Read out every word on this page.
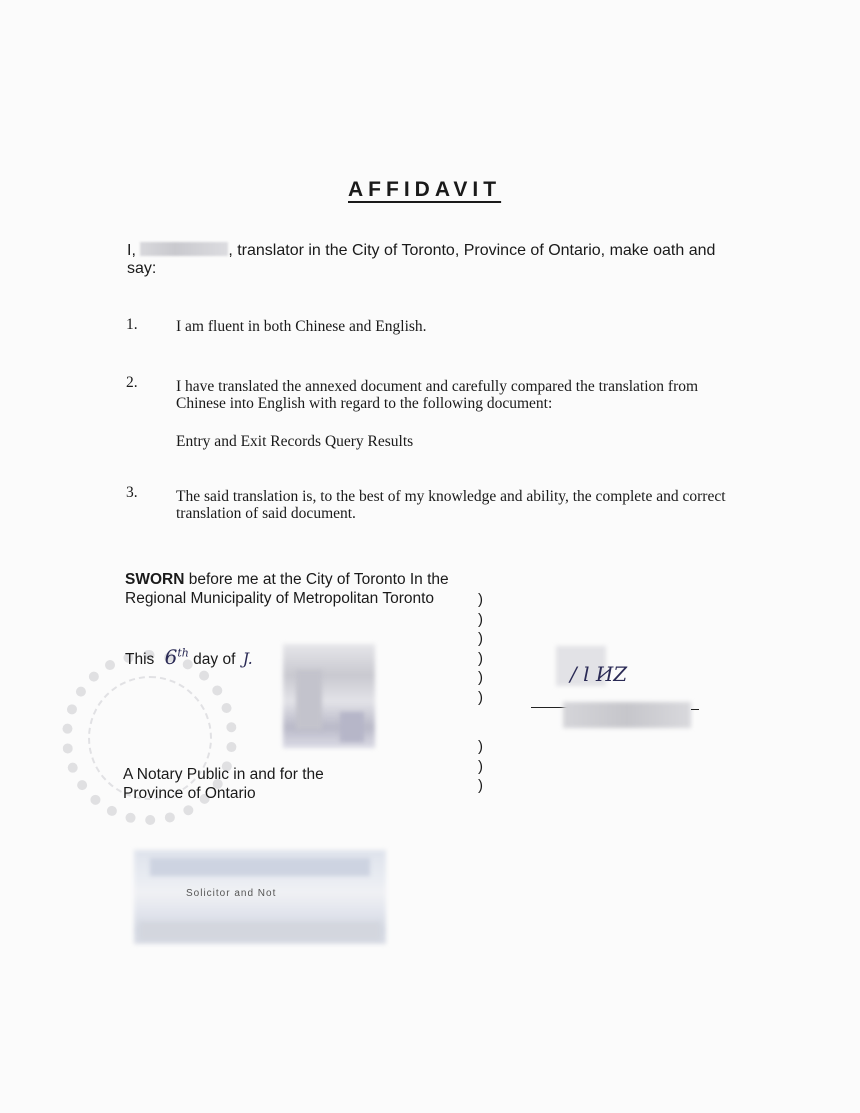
AFFIDAVIT
I,	, translator in the City of Toronto, Province of Ontario, make oath and say:
1. I am fluent in both Chinese and English.
2. I have translated the annexed document and carefully compared the translation from Chinese into English with regard to the following document:
Entry and Exit Records Query Results
3. The said translation is, to the best of my knowledge and ability, the complete and correct translation of said document.
SWORN before me at the City of Toronto In the Regional Municipality of Metropolitan Toronto
This 6th day of J.
A Notary Public in and for the Province of Ontario
)
)
)
)
)
)
)
)
)
/ l ИZ
Solicitor and Not
